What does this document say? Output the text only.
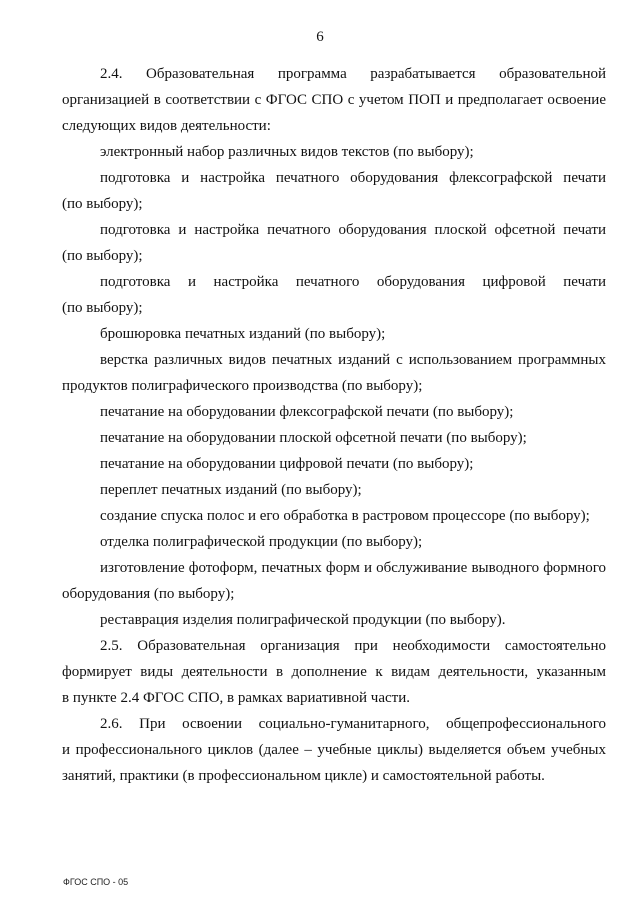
6
2.4. Образовательная программа разрабатывается образовательной
организацией в соответствии с ФГОС СПО с учетом ПОП и предполагает освоение
следующих видов деятельности:
электронный набор различных видов текстов (по выбору);
подготовка и настройка печатного оборудования флексографской печати
(по выбору);
подготовка и настройка печатного оборудования плоской офсетной печати
(по выбору);
подготовка и настройка печатного оборудования цифровой печати
(по выбору);
брошюровка печатных изданий (по выбору);
верстка различных видов печатных изданий с использованием программных
продуктов полиграфического производства (по выбору);
печатание на оборудовании флексографской печати (по выбору);
печатание на оборудовании плоской офсетной печати (по выбору);
печатание на оборудовании цифровой печати (по выбору);
переплет печатных изданий (по выбору);
создание спуска полос и его обработка в растровом процессоре (по выбору);
отделка полиграфической продукции (по выбору);
изготовление фотоформ, печатных форм и обслуживание выводного формного
оборудования (по выбору);
реставрация изделия полиграфической продукции (по выбору).
2.5. Образовательная организация при необходимости самостоятельно
формирует виды деятельности в дополнение к видам деятельности, указанным
в пункте 2.4 ФГОС СПО, в рамках вариативной части.
2.6. При освоении социально-гуманитарного, общепрофессионального
и профессионального циклов (далее – учебные циклы) выделяется объем учебных
занятий, практики (в профессиональном цикле) и самостоятельной работы.
ФГОС СПО - 05
